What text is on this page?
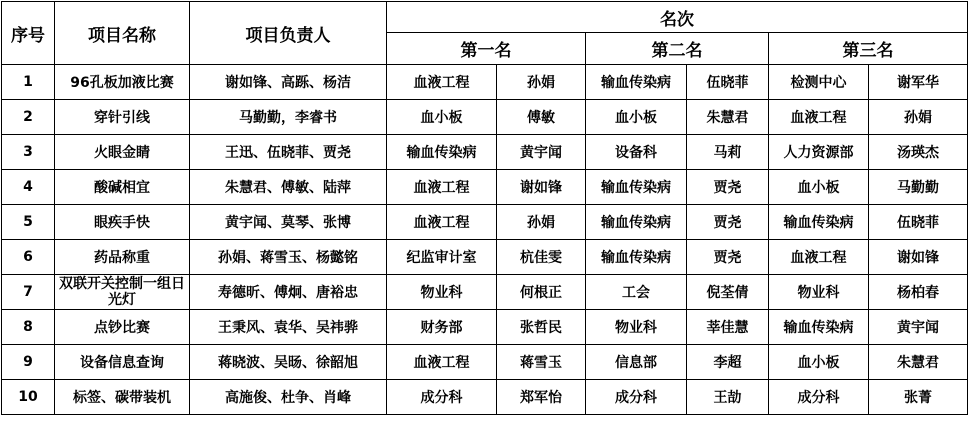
序号	项目名称	项目负责人	名次					
			第一名		第二名		第三名	
1	96孔板加液比赛	谢如锋、高跞、杨洁	血液工程	孙娟	输血传染病	伍晓菲	检测中心	谢军华
2	穿针引线	马勤勤，李睿书	血小板	傅敏	血小板	朱慧君	血液工程	孙娟
3	火眼金睛	王迅、伍晓菲、贾尧	输血传染病	黄宇闻	设备科	马莉	人力资源部	汤瑛杰
4	酸碱相宜	朱慧君、傅敏、陆萍	血液工程	谢如锋	输血传染病	贾尧	血小板	马勤勤
5	眼疾手快	黄宇闻、莫琴、张博	血液工程	孙娟	输血传染病	贾尧	输血传染病	伍晓菲
6	药品称重	孙娟、蒋雪玉、杨懿铭	纪监审计室	杭佳雯	输血传染病	贾尧	血液工程	谢如锋
7	双联开关控制一组日光灯	寿德昕、傅炯、唐裕忠	物业科	何根正	工会	倪荃倩	物业科	杨柏春
8	点钞比赛	王秉风、袁华、吴祎骅	财务部	张哲民	物业科	莘佳慧	输血传染病	黄宇闻
9	设备信息查询	蒋晓波、吴旸、徐韶旭	血液工程	蒋雪玉	信息部	李超	血小板	朱慧君
10	标签、碳带装机	高施俊、杜争、肖峰	成分科	郑军怡	成分科	王劼	成分科	张菁
